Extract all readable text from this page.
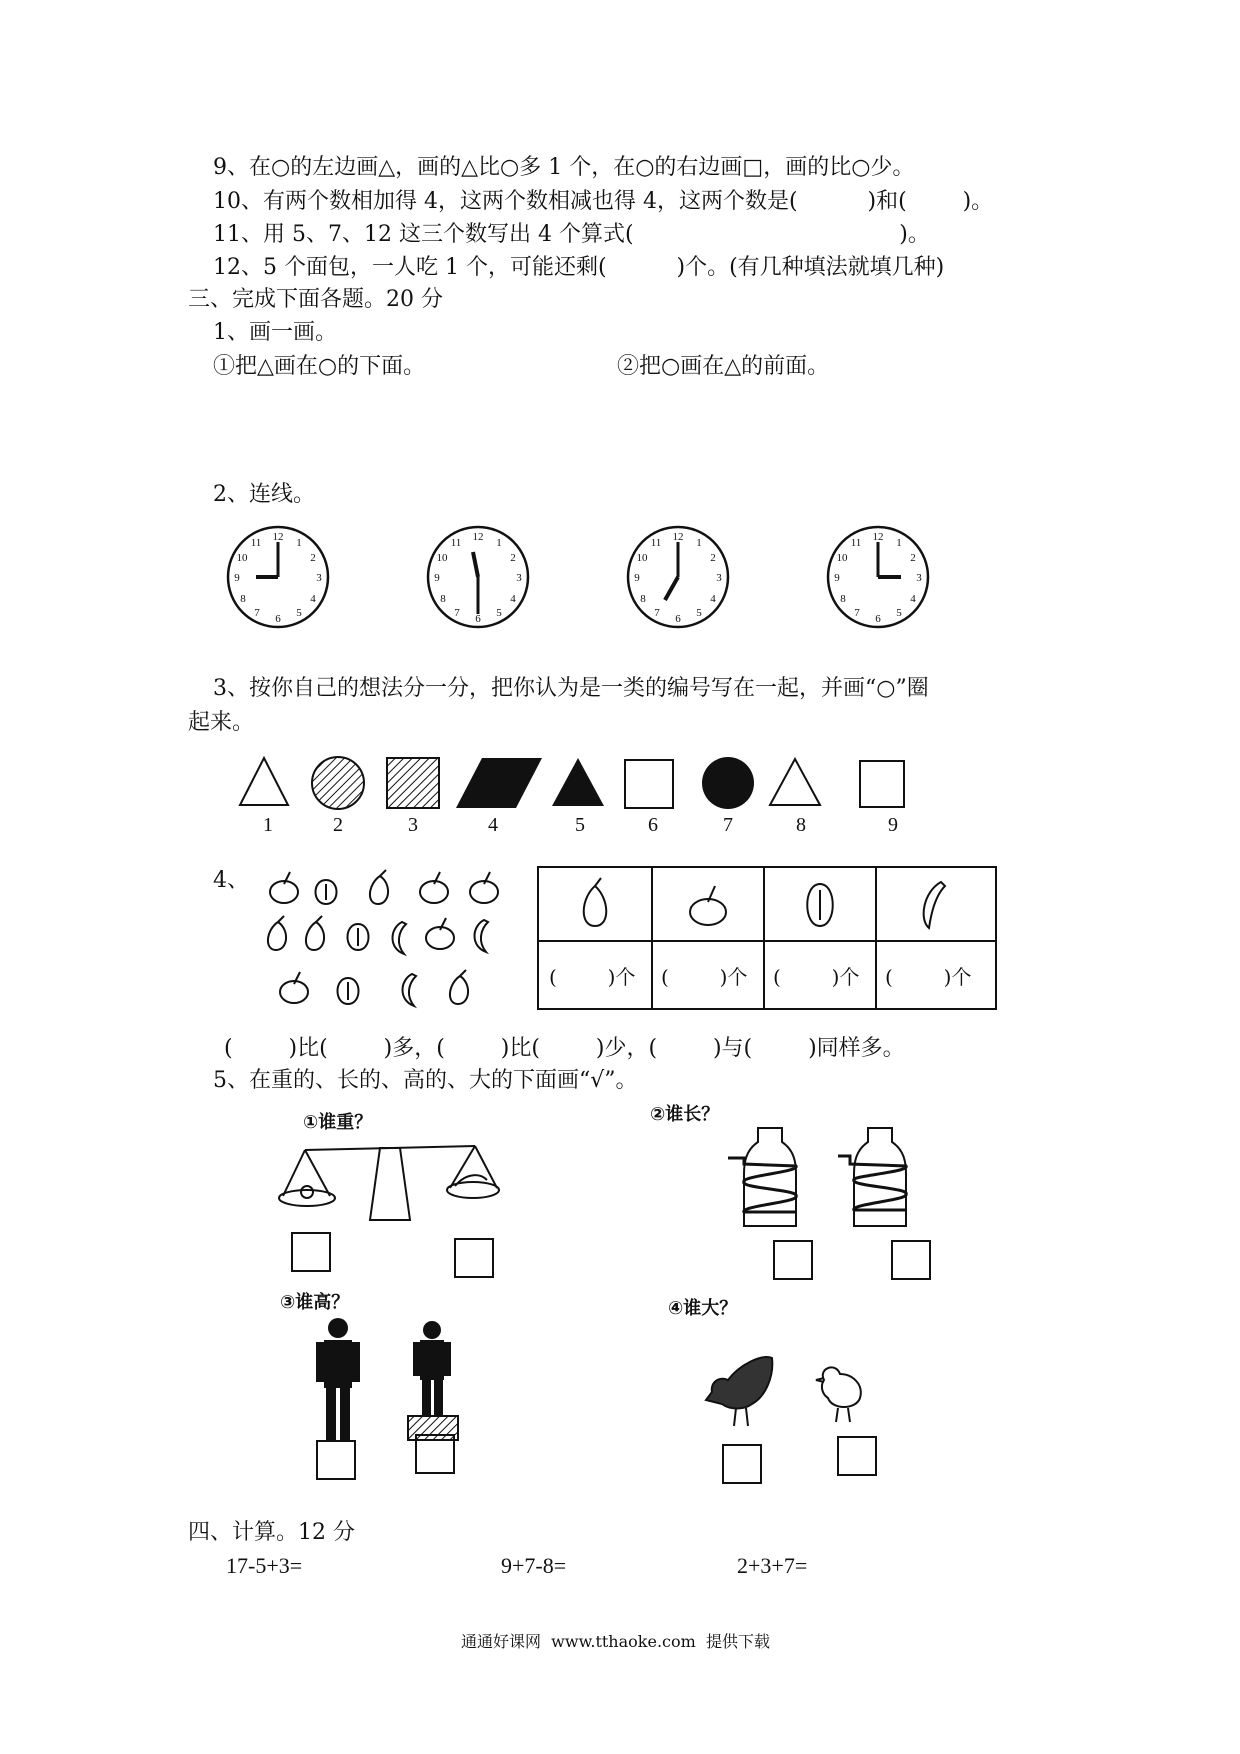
9、在○的左边画△，画的△比○多 1 个，在○的右边画□，画的比○少。
10、有两个数相加得 4，这两个数相减也得 4，这两个数是(          )和(        )。
11、用 5、7、12 这三个数写出 4 个算式(                                      )。
12、5 个面包，一人吃 1 个，可能还剩(          )个。(有几种填法就填几种)
三、完成下面各题。20 分
1、画一画。
①把△画在○的下面。	②把○画在△的前面。
2、连线。
12 1
2
3
4
5
6
7
8
9
10
11	12 1
2
3
4
5
6
7
8
9
10
11	12 1
2
3
4
5
6
7
8
9
10
11	12 1
2
3
4
5
6
7
8
9
10
11
3、按你自己的想法分一分，把你认为是一类的编号写在一起，并画“○”圈
起来。
1	2	3	4	5	6	7	8	9
4、
(        )个 (        )个 (        )个 (        )个
(        )比(        )多，(        )比(        )少，(        )与(        )同样多。
5、在重的、长的、高的、大的下面画“√”。
①谁重？	②谁长？
③谁高？	④谁大？
四、计算。12 分
17-5+3=	9+7-8=	2+3+7=
通通好课网  www.tthaoke.com  提供下载
